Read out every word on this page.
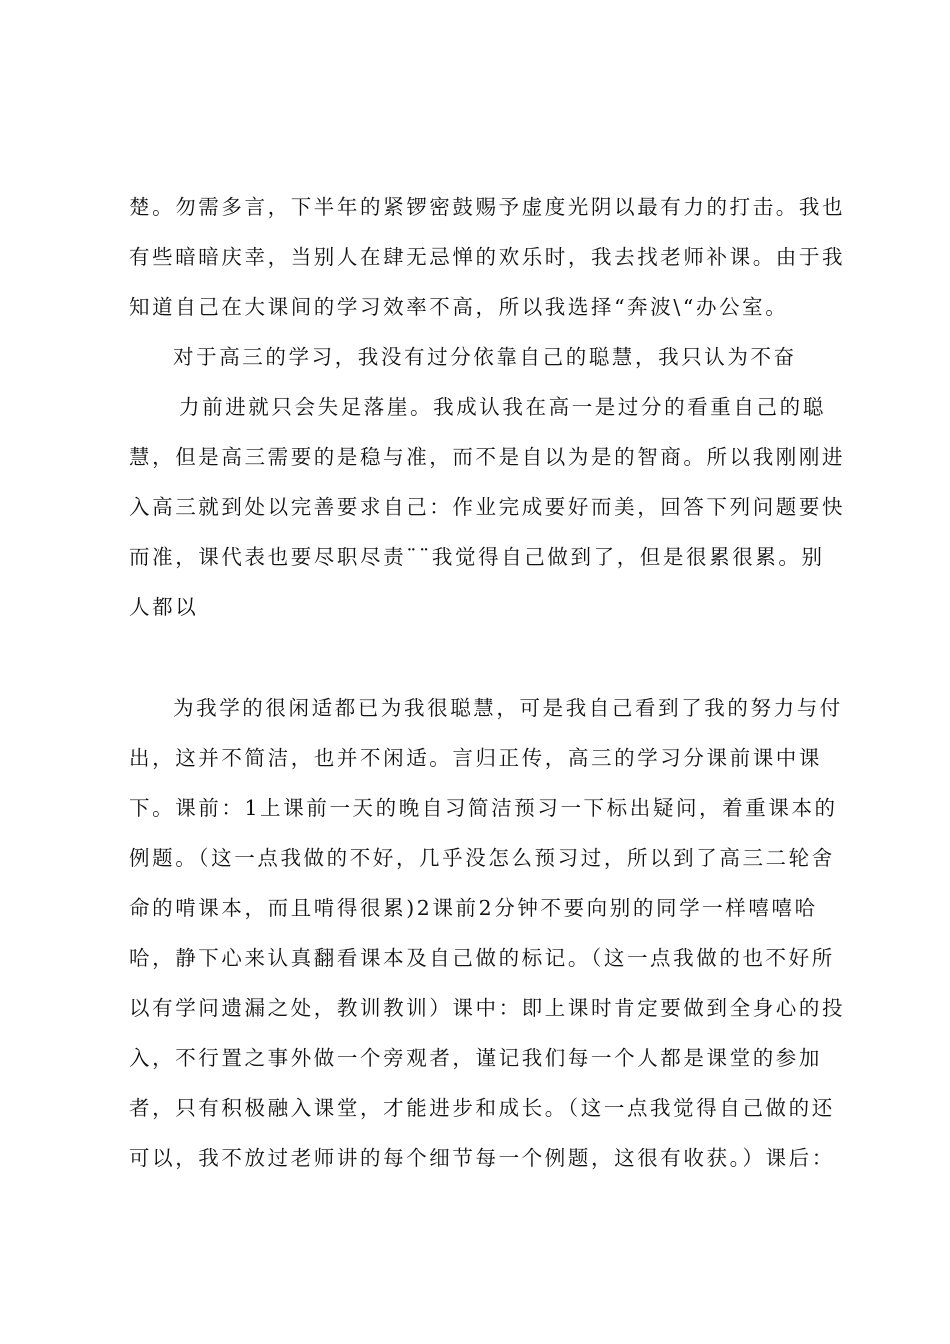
楚。勿需多言，下半年的紧锣密鼓赐予虚度光阴以最有力的打击。我也
有些暗暗庆幸，当别人在肆无忌惮的欢乐时，我去找老师补课。由于我
知道自己在大课间的学习效率不高，所以我选择“奔波\“办公室。
对于高三的学习，我没有过分依靠自己的聪慧，我只认为不奋
力前进就只会失足落崖。我成认我在高一是过分的看重自己的聪
慧，但是高三需要的是稳与准，而不是自以为是的智商。所以我刚刚进
入高三就到处以完善要求自己：作业完成要好而美，回答下列问题要快
而准，课代表也要尽职尽责¨¨我觉得自己做到了，但是很累很累。别
人都以
为我学的很闲适都已为我很聪慧，可是我自己看到了我的努力与付
出，这并不简洁，也并不闲适。言归正传，高三的学习分课前课中课
下。课前：1上课前一天的晚自习简洁预习一下标出疑问，着重课本的
例题。（这一点我做的不好，几乎没怎么预习过，所以到了高三二轮舍
命的啃课本，而且啃得很累)2课前2分钟不要向别的同学一样嘻嘻哈
哈，静下心来认真翻看课本及自己做的标记。（这一点我做的也不好所
以有学问遗漏之处，教训教训）课中：即上课时肯定要做到全身心的投
入，不行置之事外做一个旁观者，谨记我们每一个人都是课堂的参加
者，只有积极融入课堂，才能进步和成长。（这一点我觉得自己做的还
可以，我不放过老师讲的每个细节每一个例题，这很有收获。）课后：
